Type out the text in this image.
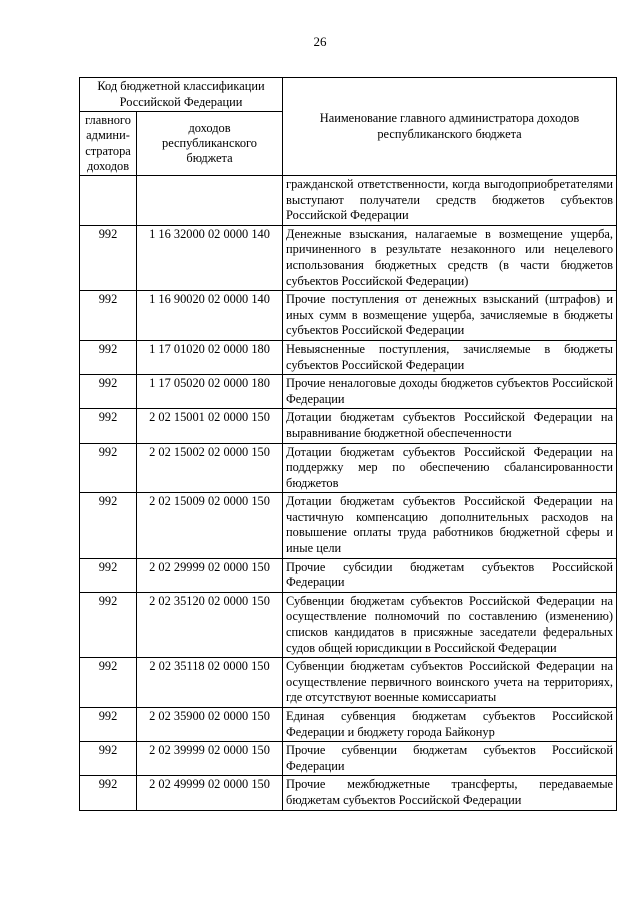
26
Код бюджетной классификации Российской Федерации		Наименование главного администратора доходов республиканского бюджета
главного админи-стратора доходов	доходов республиканского бюджета	
		гражданской ответственности, когда выгодоприобретателями выступают получатели средств бюджетов субъектов Российской Федерации
992	1 16 32000 02 0000 140	Денежные взыскания, налагаемые в возмещение ущерба, причиненного в результате незаконного или нецелевого использования бюджетных средств (в части бюджетов субъектов Российской Федерации)
992	1 16 90020 02 0000 140	Прочие поступления от денежных взысканий (штрафов) и иных сумм в возмещение ущерба, зачисляемые в бюджеты субъектов Российской Федерации
992	1 17 01020 02 0000 180	Невыясненные поступления, зачисляемые в бюджеты субъектов Российской Федерации
992	1 17 05020 02 0000 180	Прочие неналоговые доходы бюджетов субъектов Российской Федерации
992	2 02 15001 02 0000 150	Дотации бюджетам субъектов Российской Федерации на выравнивание бюджетной обеспеченности
992	2 02 15002 02 0000 150	Дотации бюджетам субъектов Российской Федерации на поддержку мер по обеспечению сбалансированности бюджетов
992	2 02 15009 02 0000 150	Дотации бюджетам субъектов Российской Федерации на частичную компенсацию дополнительных расходов на повышение оплаты труда работников бюджетной сферы и иные цели
992	2 02 29999 02 0000 150	Прочие субсидии бюджетам субъектов Российской Федерации
992	2 02 35120 02 0000 150	Субвенции бюджетам субъектов Российской Федерации на осуществление полномочий по составлению (изменению) списков кандидатов в присяжные заседатели федеральных судов общей юрисдикции в Российской Федерации
992	2 02 35118 02 0000 150	Субвенции бюджетам субъектов Российской Федерации на осуществление первичного воинского учета на территориях, где отсутствуют военные комиссариаты
992	2 02 35900 02 0000 150	Единая субвенция бюджетам субъектов Российской Федерации и бюджету города Байконур
992	2 02 39999 02 0000 150	Прочие субвенции бюджетам субъектов Российской Федерации
992	2 02 49999 02 0000 150	Прочие межбюджетные трансферты, передаваемые бюджетам субъектов Российской Федерации
